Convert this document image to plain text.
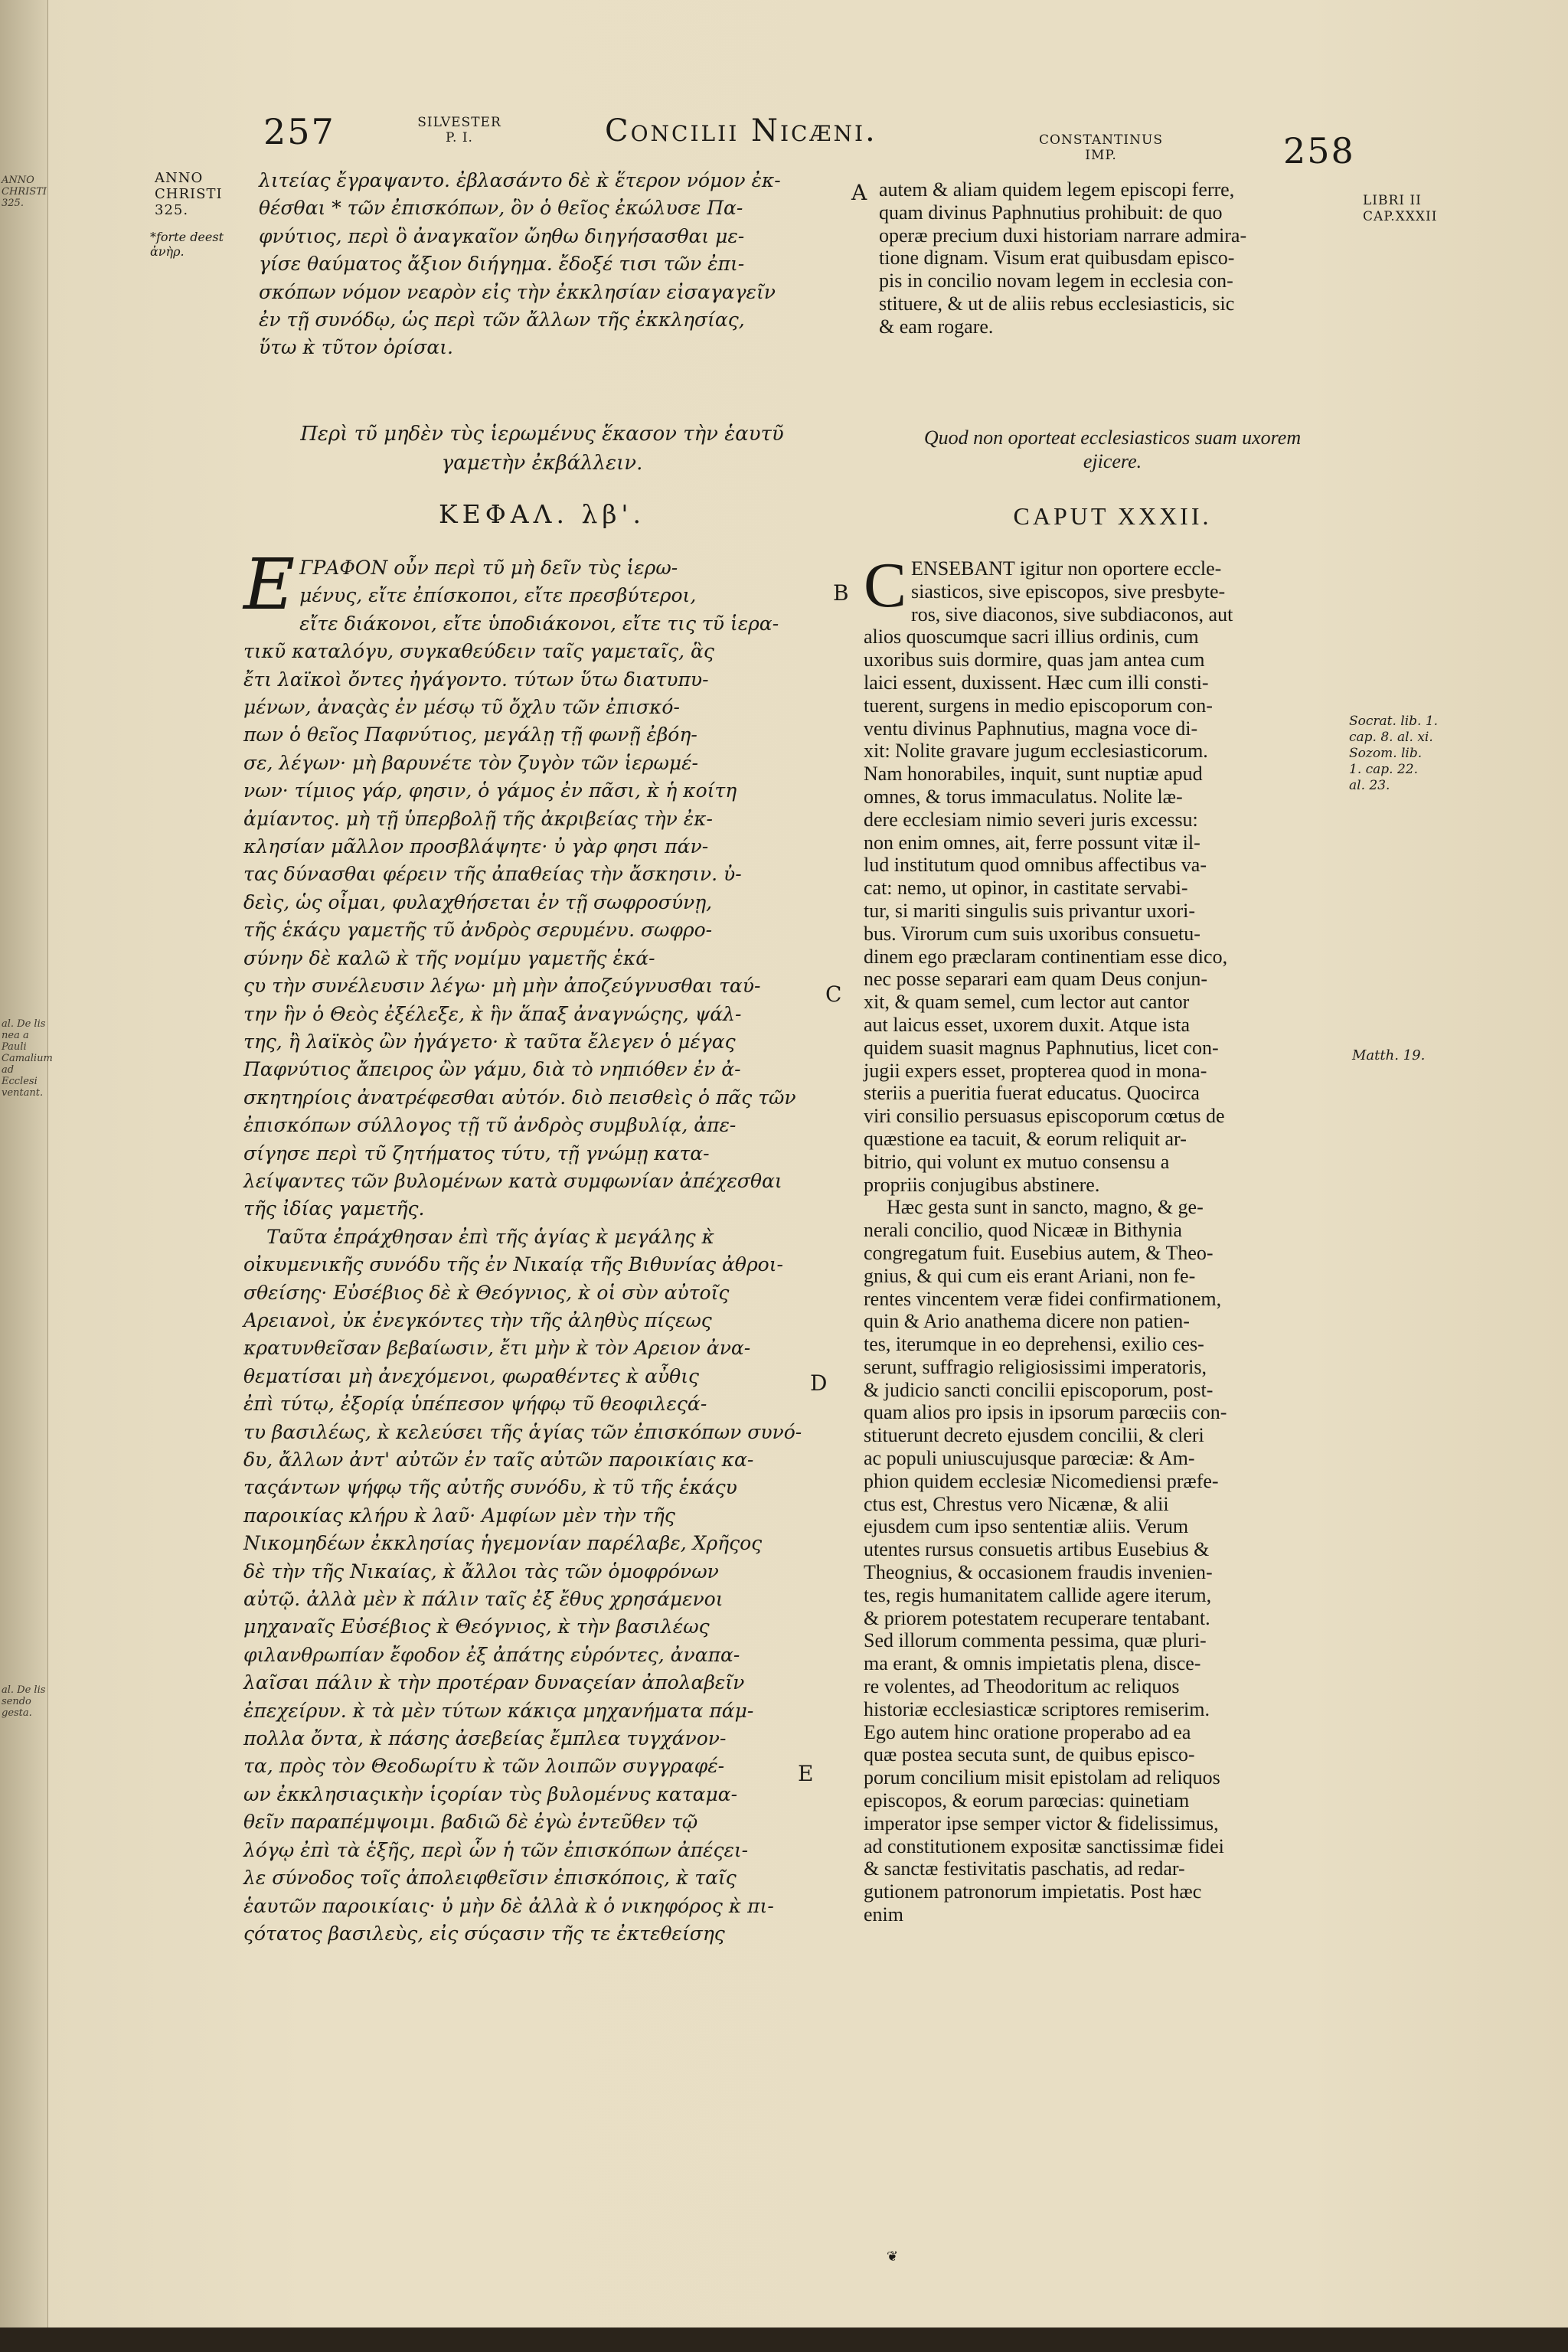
ANNO
CHRISTI
325.
al. De lis
nea a Pauli
Camalium
ad Ecclesi
ventant.
al. De lis
sendo gesta.
257	SILVESTER
P. I.	Concilii Nicæni.	CONSTANTINUS
IMP.	258
ANNO
CHRISTI
325.
*forte deest
ἀνὴρ.
LIBRI II
CAP.XXXII
Socrat. lib. 1.
cap. 8. al. xi.
Sozom. lib.
1. cap. 22.
al. 23.
Matth. 19.
A
B
C
D
E

λιτείας ἔγραψαντο. ἐβλασάντο δὲ κ̀ ἕτερον νόμον ἐκ-
θέσθαι * τῶν ἐπισκόπων, ὃν ὁ θεῖος ἐκώλυσε Πα-
φνύτιος, περὶ ὃ ἀναγκαῖον ὤηθω διηγήσασθαι με-
γίσε θαύματος ἄξιον διήγημα. ἔδοξέ τισι τῶν ἐπι-
σκόπων νόμον νεαρὸν εἰς τὴν ἐκκλησίαν εἰσαγαγεῖν
ἐν τῇ συνόδῳ, ὡς περὶ τῶν ἄλλων τῆς ἐκκλησίας,
ὕτω κ̀ τῦτον ὀρίσαι.

Περὶ τῦ μηδὲν τὺς ἱερωμένυς ἕκασον τὴν ἑαυτῦ
γαμετὴν ἐκβάλλειν.
ΚΕΦΑΛ. λβ'.
Ε ΓΡΑΦΟΝ οὖν περὶ τῦ μὴ δεῖν τὺς ἱερω-
μένυς, εἴτε ἐπίσκοποι, εἴτε πρεσβύτεροι,
εἴτε διάκονοι, εἴτε ὑποδιάκονοι, εἴτε τις τῦ ἱερα-
τικῦ καταλόγυ, συγκαθεύδειν ταῖς γαμεταῖς, ἃς
ἔτι λαϊκοὶ ὄντες ἠγάγοντο. τύτων ὕτω διατυπυ-
μένων, ἀναςὰς ἐν μέσῳ τῦ ὄχλυ τῶν ἐπισκό-
πων ὁ θεῖος Παφνύτιος, μεγάλῃ τῇ φωνῇ ἐβόη-
σε, λέγων· μὴ βαρυνέτε τὸν ζυγὸν τῶν ἱερωμέ-
νων· τίμιος γάρ, φησιν, ὁ γάμος ἐν πᾶσι, κ̀ ἡ κοίτη
ἀμίαντος. μὴ τῇ ὑπερβολῇ τῆς ἀκριβείας τὴν ἐκ-
κλησίαν μᾶλλον προσβλάψητε· ὐ γὰρ φησι πάν-
τας δύνασθαι φέρειν τῆς ἀπαθείας τὴν ἄσκησιν. ὐ-
δεὶς, ὡς οἶμαι, φυλαχθήσεται ἐν τῇ σωφροσύνῃ,
τῆς ἑκάςυ γαμετῆς τῦ ἀνδρὸς σερυμένυ. σωφρο-
σύνην δὲ καλῶ κ̀ τῆς νομίμυ γαμετῆς ἑκά-
ςυ τὴν συνέλευσιν λέγω· μὴ μὴν ἀποζεύγνυσθαι ταύ-
την ἣν ὁ Θεὸς ἐξέλεξε, κ̀ ἣν ἅπαξ ἀναγνώςης, ψάλ-
της, ἢ λαϊκὸς ὢν ἠγάγετο· κ̀ ταῦτα ἔλεγεν ὁ μέγας
Παφνύτιος ἄπειρος ὢν γάμυ, διὰ τὸ νηπιόθεν ἐν ἀ-
σκητηρίοις ἀνατρέφεσθαι αὐτόν. διὸ πεισθεὶς ὁ πᾶς τῶν
ἐπισκόπων σύλλογος τῇ τῦ ἀνδρὸς συμβυλίᾳ, ἀπε-
σίγησε περὶ τῦ ζητήματος τύτυ, τῇ γνώμῃ κατα-
λείψαντες τῶν βυλομένων κατὰ συμφωνίαν ἀπέχεσθαι
τῆς ἰδίας γαμετῆς.

Ταῦτα ἐπράχθησαν ἐπὶ τῆς ἁγίας κ̀ μεγάλης κ̀
οἰκυμενικῆς συνόδυ τῆς ἐν Νικαίᾳ τῆς Βιθυνίας ἀθροι-
σθείσης· Εὐσέβιος δὲ κ̀ Θεόγνιος, κ̀ οἱ σὺν αὐτοῖς
Αρειανοὶ, ὐκ ἐνεγκόντες τὴν τῆς ἀληθὺς πίςεως
κρατυνθεῖσαν βεβαίωσιν, ἔτι μὴν κ̀ τὸν Αρειον ἀνα-
θεματίσαι μὴ ἀνεχόμενοι, φωραθέντες κ̀ αὖθις
ἐπὶ τύτῳ, ἐξορίᾳ ὑπέπεσον ψήφῳ τῦ θεοφιλεςά-
τυ βασιλέως, κ̀ κελεύσει τῆς ἁγίας τῶν ἐπισκόπων συνό-
δυ, ἄλλων ἀντ' αὐτῶν ἐν ταῖς αὐτῶν παροικίαις κα-
ταςάντων ψήφῳ τῆς αὐτῆς συνόδυ, κ̀ τῦ τῆς ἑκάςυ
παροικίας κλήρυ κ̀ λαῦ· Αμφίων μὲν τὴν τῆς
Νικομηδέων ἐκκλησίας ἡγεμονίαν παρέλαβε, Χρῆςος
δὲ τὴν τῆς Νικαίας, κ̀ ἄλλοι τὰς τῶν ὁμοφρόνων
αὐτῷ. ἀλλὰ μὲν κ̀ πάλιν ταῖς ἐξ ἔθυς χρησάμενοι
μηχαναῖς Εὐσέβιος κ̀ Θεόγνιος, κ̀ τὴν βασιλέως
φιλανθρωπίαν ἔφοδον ἐξ ἀπάτης εὑρόντες, ἀναπα-
λαῖσαι πάλιν κ̀ τὴν προτέραν δυναςείαν ἀπολαβεῖν
ἐπεχείρυν. κ̀ τὰ μὲν τύτων κάκιςα μηχανήματα πάμ-
πολλα ὄντα, κ̀ πάσης ἀσεβείας ἔμπλεα τυγχάνον-
τα, πρὸς τὸν Θεοδωρίτυ κ̀ τῶν λοιπῶν συγγραφέ-
ων ἐκκλησιαςικὴν ἱςορίαν τὺς βυλομένυς καταμα-
θεῖν παραπέμψοιμι. βαδιῶ δὲ ἐγὼ ἐντεῦθεν τῷ
λόγῳ ἐπὶ τὰ ἑξῆς, περὶ ὧν ἡ τῶν ἐπισκόπων ἀπέςει-
λε σύνοδος τοῖς ἀπολειφθεῖσιν ἐπισκόποις, κ̀ ταῖς
ἑαυτῶν παροικίαις· ὐ μὴν δὲ ἀλλὰ κ̀ ὁ νικηφόρος κ̀ πι-
ςότατος βασιλεὺς, εἰς σύςασιν τῆς τε ἐκτεθείσης

autem & aliam quidem legem episcopi ferre,
quam divinus Paphnutius prohibuit: de quo
operæ precium duxi historiam narrare admira-
tione dignam. Visum erat quibusdam episco-
pis in concilio novam legem in ecclesia con-
stituere, & ut de aliis rebus ecclesiasticis, sic
& eam rogare.

Quod non oporteat ecclesiasticos suam uxorem
ejicere.
CAPUT XXXII.
C ENSEBANT igitur non oportere eccle-
siasticos, sive episcopos, sive presbyte-
ros, sive diaconos, sive subdiaconos, aut
alios quoscumque sacri illius ordinis, cum
uxoribus suis dormire, quas jam antea cum
laici essent, duxissent. Hæc cum illi consti-
tuerent, surgens in medio episcoporum con-
ventu divinus Paphnutius, magna voce di-
xit: Nolite gravare jugum ecclesiasticorum.
Nam honorabiles, inquit, sunt nuptiæ apud
omnes, & torus immaculatus. Nolite læ-
dere ecclesiam nimio severi juris excessu:
non enim omnes, ait, ferre possunt vitæ il-
lud institutum quod omnibus affectibus va-
cat: nemo, ut opinor, in castitate servabi-
tur, si mariti singulis suis privantur uxori-
bus. Virorum cum suis uxoribus consuetu-
dinem ego præclaram continentiam esse dico,
nec posse separari eam quam Deus conjun-
xit, & quam semel, cum lector aut cantor
aut laicus esset, uxorem duxit. Atque ista
quidem suasit magnus Paphnutius, licet con-
jugii expers esset, propterea quod in mona-
steriis a pueritia fuerat educatus. Quocirca
viri consilio persuasus episcoporum cœtus de
quæstione ea tacuit, & eorum reliquit ar-
bitrio, qui volunt ex mutuo consensu a
propriis conjugibus abstinere.

Hæc gesta sunt in sancto, magno, & ge-
nerali concilio, quod Nicææ in Bithynia
congregatum fuit. Eusebius autem, & Theo-
gnius, & qui cum eis erant Ariani, non fe-
rentes vincentem veræ fidei confirmationem,
quin & Ario anathema dicere non patien-
tes, iterumque in eo deprehensi, exilio ces-
serunt, suffragio religiosissimi imperatoris,
& judicio sancti concilii episcoporum, post-
quam alios pro ipsis in ipsorum parœciis con-
stituerunt decreto ejusdem concilii, & cleri
ac populi uniuscujusque parœciæ: & Am-
phion quidem ecclesiæ Nicomediensi præfe-
ctus est, Chrestus vero Nicænæ, & alii
ejusdem cum ipso sententiæ aliis. Verum
utentes rursus consuetis artibus Eusebius &
Theognius, & occasionem fraudis invenien-
tes, regis humanitatem callide agere iterum,
& priorem potestatem recuperare tentabant.
Sed illorum commenta pessima, quæ pluri-
ma erant, & omnis impietatis plena, disce-
re volentes, ad Theodoritum ac reliquos
historiæ ecclesiasticæ scriptores remiserim.
Ego autem hinc oratione properabo ad ea
quæ postea secuta sunt, de quibus episco-
porum concilium misit epistolam ad reliquos
episcopos, & eorum parœcias: quinetiam
imperator ipse semper victor & fidelissimus,
ad constitutionem expositæ sanctissimæ fidei
& sanctæ festivitatis paschatis, ad redar-
gutionem patronorum impietatis. Post hæc
enim

❦
